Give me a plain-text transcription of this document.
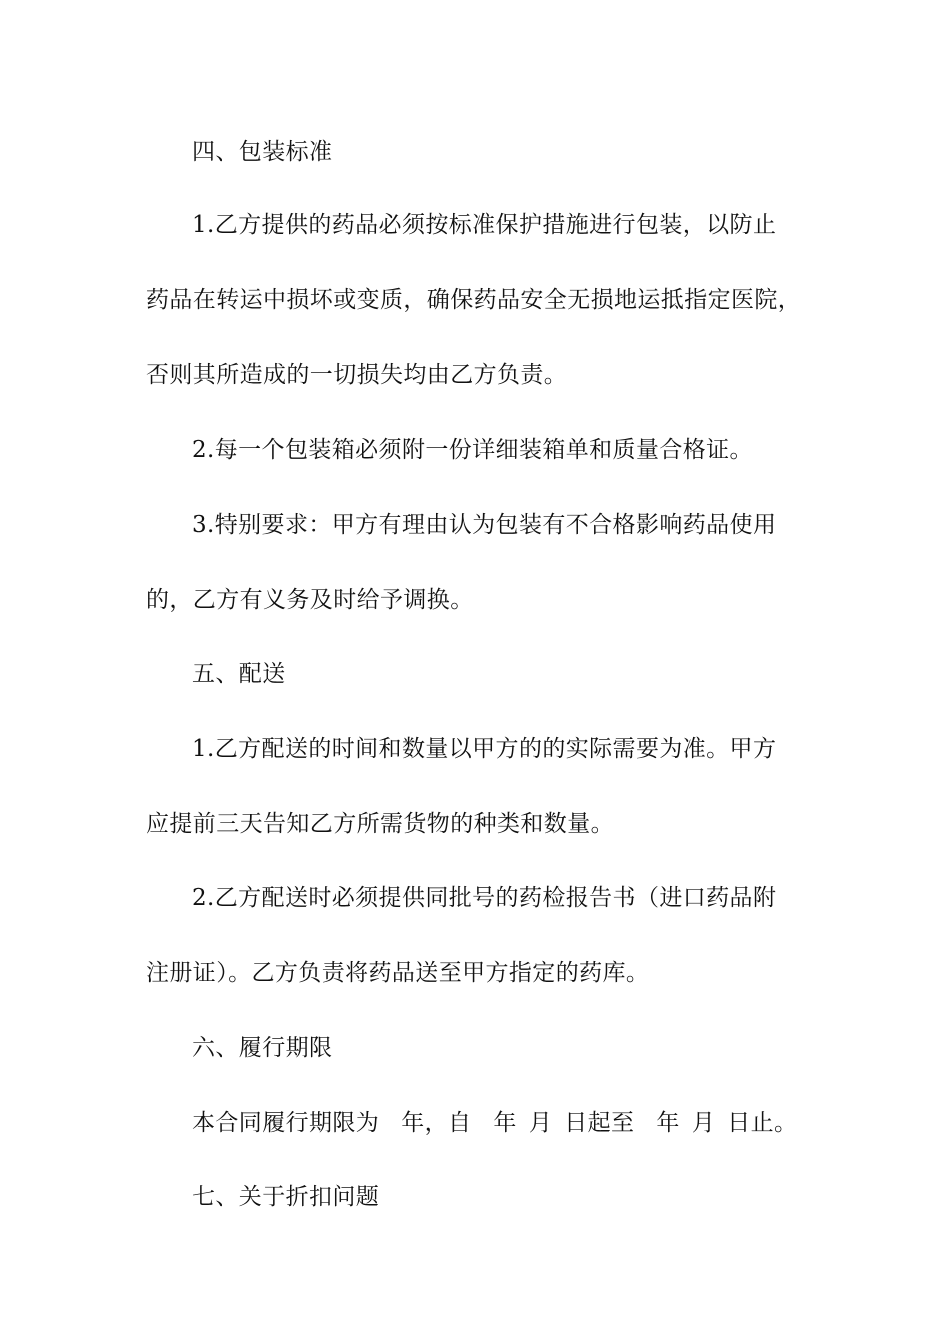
四、包装标准
1.乙方提供的药品必须按标准保护措施进行包装，以防止
药品在转运中损坏或变质，确保药品安全无损地运抵指定医院，
否则其所造成的一切损失均由乙方负责。
2.每一个包装箱必须附一份详细装箱单和质量合格证。
3.特别要求：甲方有理由认为包装有不合格影响药品使用
的，乙方有义务及时给予调换。
五、配送
1.乙方配送的时间和数量以甲方的的实际需要为准。甲方
应提前三天告知乙方所需货物的种类和数量。
2.乙方配送时必须提供同批号的药检报告书（进口药品附
注册证）。乙方负责将药品送至甲方指定的药库。
六、履行期限
本合同履行期限为 年，自 年 月 日起至 年 月 日止。
七、关于折扣问题
